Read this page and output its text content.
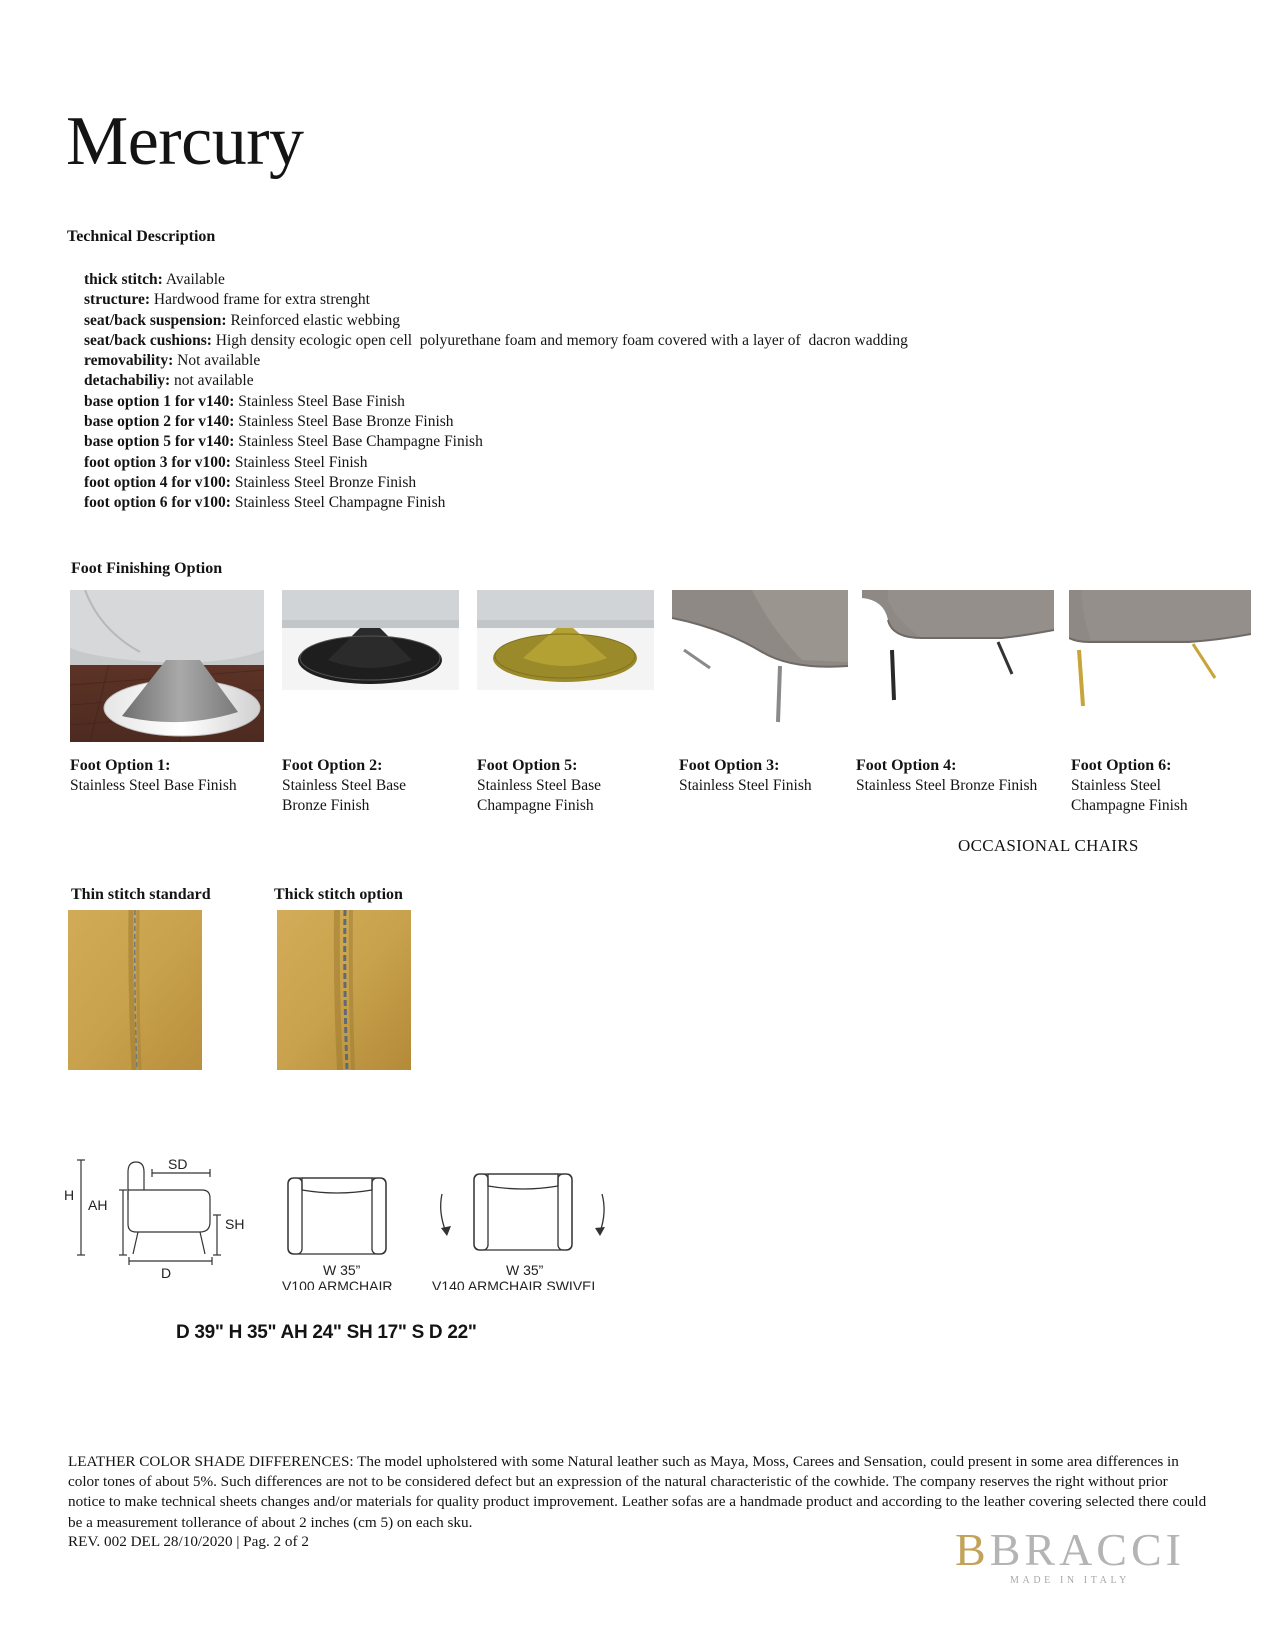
Mercury
Technical Description
thick stitch: Available
structure: Hardwood frame for extra strenght
seat/back suspension: Reinforced elastic webbing
seat/back cushions: High density ecologic open cell  polyurethane foam and memory foam covered with a layer of  dacron wadding
removability: Not available
detachabiliy: not available
base option 1 for v140: Stainless Steel Base Finish
base option 2 for v140: Stainless Steel Base Bronze Finish
base option 5 for v140: Stainless Steel Base Champagne Finish
foot option 3 for v100: Stainless Steel Finish
foot option 4 for v100: Stainless Steel Bronze Finish
foot option 6 for v100: Stainless Steel Champagne Finish
Foot Finishing Option
Foot Option 1:
Stainless Steel Base Finish
Foot Option 2:
Stainless Steel Base
Bronze Finish
Foot Option 5:
Stainless Steel Base
Champagne Finish
Foot Option 3:
Stainless Steel Finish
Foot Option 4:
Stainless Steel Bronze Finish
Foot Option 6:
Stainless Steel
Champagne Finish
OCCASIONAL CHAIRS
Thin stitch standard	Thick stitch option
SD
H
AH
SH
D	W 35”
V100 ARMCHAIR
W 35”
V140 ARMCHAIR SWIVEL
D 39" H 35" AH 24" SH 17" S D 22"
LEATHER COLOR SHADE DIFFERENCES: The model upholstered with some Natural leather such as Maya, Moss, Carees and Sensation, could present in some area differences in color tones of about 5%. Such differences are not to be considered defect but an expression of the natural characteristic of the cowhide. The company reserves the right without prior notice to make technical sheets changes and/or materials for quality product improvement. Leather sofas are a handmade product and according to the leather covering selected there could be a measurement tollerance of about 2 inches (cm 5) on each sku.
REV. 002 DEL 28/10/2020 | Pag. 2 of 2	BBRACCI
MADE IN ITALY
